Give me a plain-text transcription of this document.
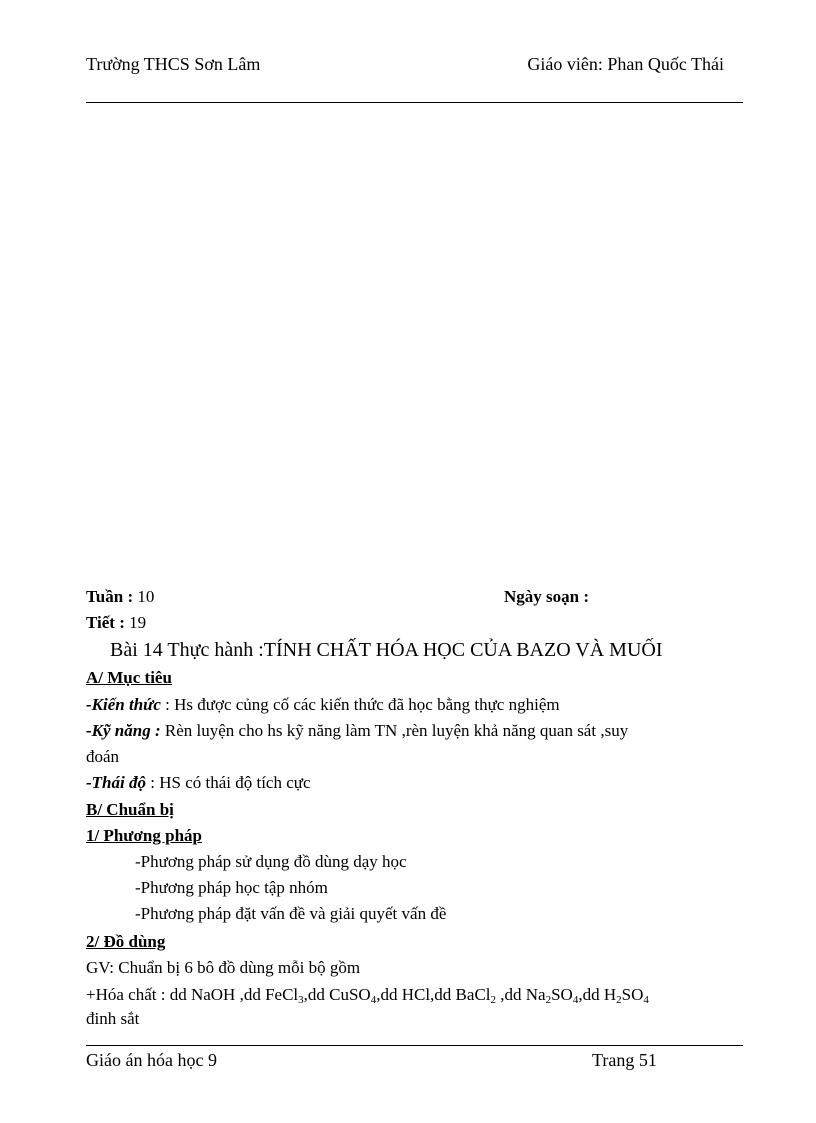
Trường THCS Sơn Lâm	Giáo viên: Phan Quốc Thái
Tuần : 10	Ngày soạn :
Tiết : 19
Bài 14 Thực hành :TÍNH CHẤT HÓA HỌC CỦA BAZO VÀ MUỐI
A/ Mục tiêu
-Kiến thức : Hs được củng cố các kiến thức đã học bằng thực nghiệm
-Kỹ năng : Rèn luyện cho hs kỹ năng làm TN ,rèn luyện khả năng quan sát ,suy
đoán
-Thái độ : HS có thái độ tích cực
B/ Chuẩn bị
1/ Phương pháp
-Phương pháp sử dụng đồ dùng dạy học
-Phương pháp học tập nhóm
-Phương pháp đặt vấn đề và giải quyết vấn đề
2/ Đồ dùng
GV: Chuẩn bị 6 bô đồ dùng mỗi bộ gồm
+Hóa chất : dd NaOH ,dd FeCl$_3$,dd CuSO$_4$,dd HCl,dd BaCl$_2$ ,dd $Na_2SO_4,dd$ $H_2SO_4$
đinh sắt
Giáo án hóa học 9	Trang 51
